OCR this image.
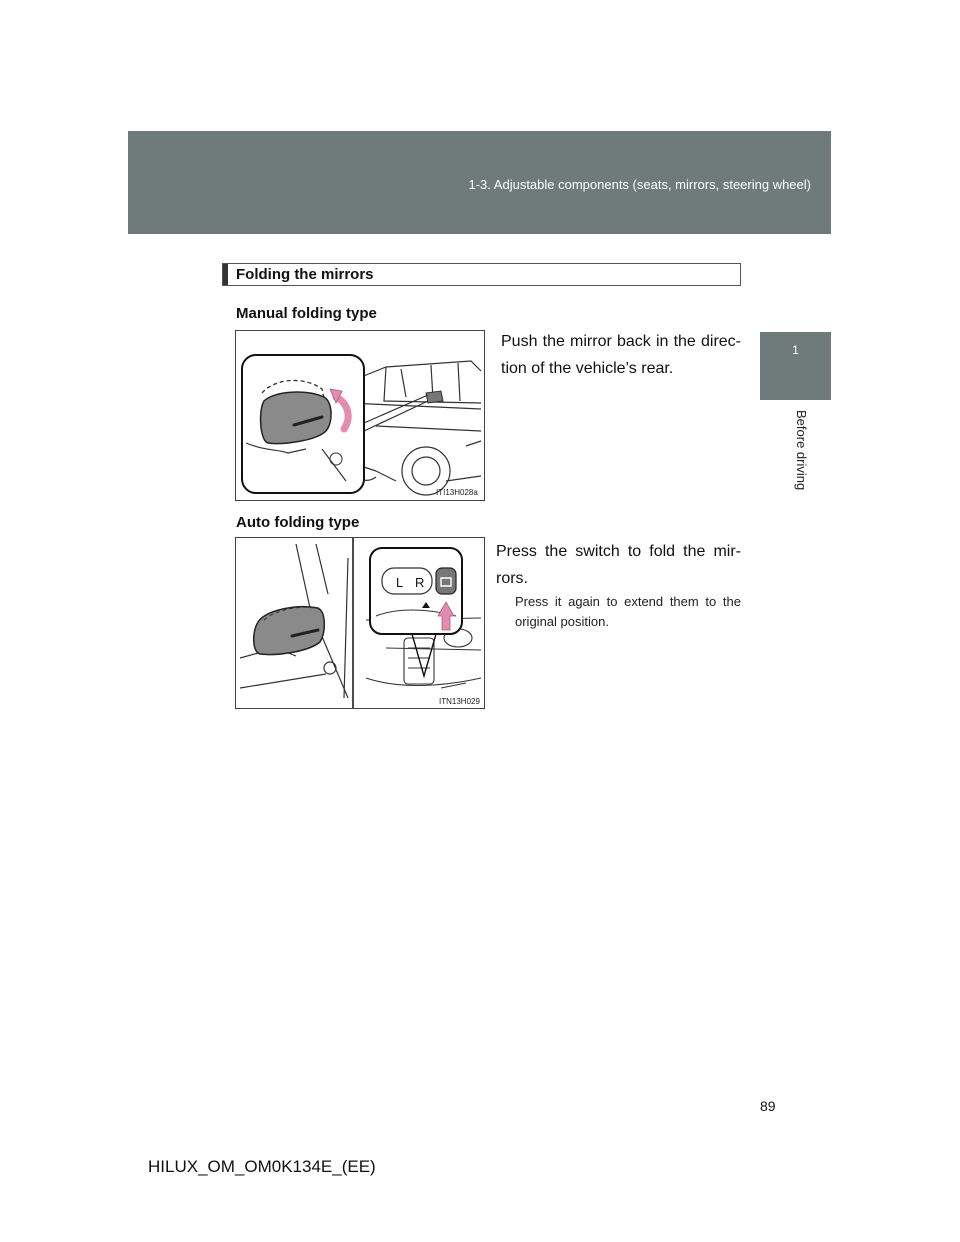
1-3. Adjustable components (seats, mirrors, steering wheel)
1
Before driving
Folding the mirrors
Manual folding type
ITI13H028a
Push the mirror back in the direc-tion of the vehicle’s rear.
Auto folding type
L R
ITN13H029
Press the switch to fold the mir-rors.
Press it again to extend them to the original position.
89
HILUX_OM_OM0K134E_(EE)
